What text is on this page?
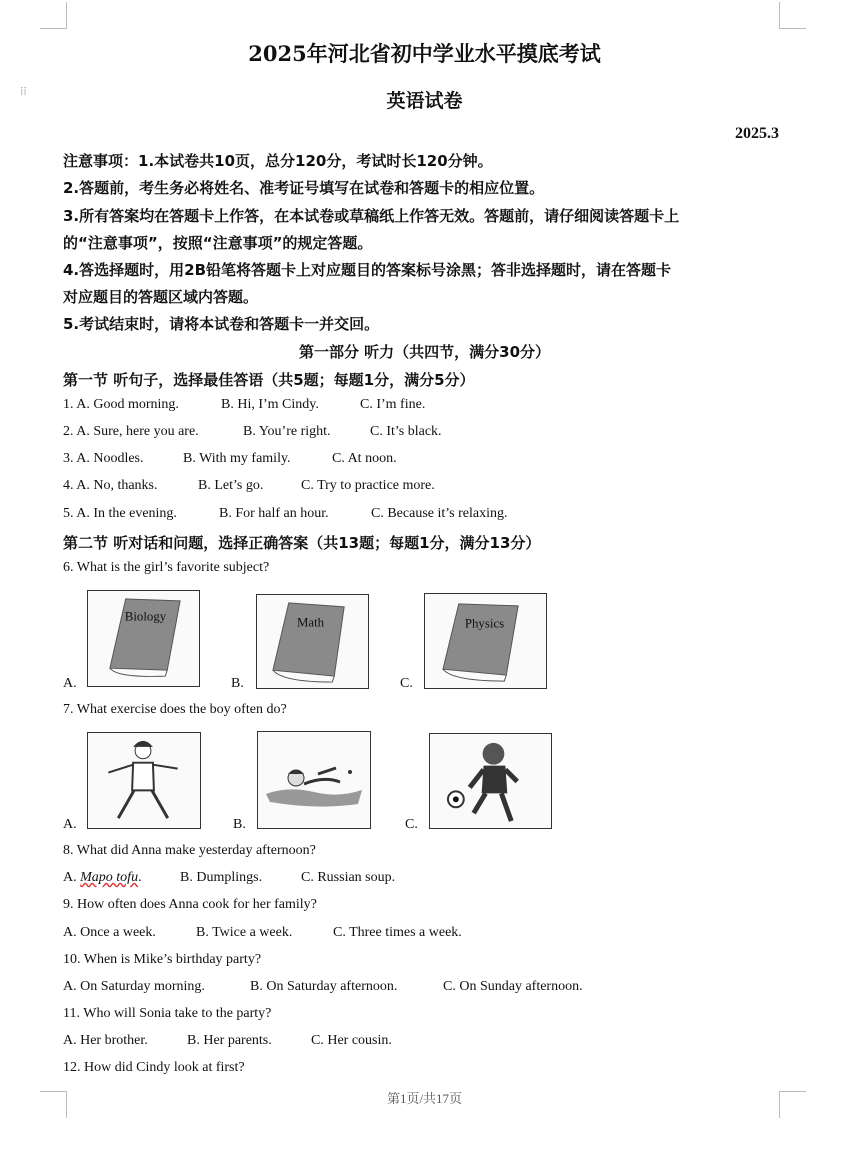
⁞⁞
2025年河北省初中学业水平摸底考试
英语试卷
2025.3
注意事项：1.本试卷共10页，总分120分，考试时长120分钟。
2.答题前，考生务必将姓名、准考证号填写在试卷和答题卡的相应位置。
3.所有答案均在答题卡上作答，在本试卷或草稿纸上作答无效。答题前，请仔细阅读答题卡上
的“注意事项”，按照“注意事项”的规定答题。
4.答选择题时，用2B铅笔将答题卡上对应题目的答案标号涂黑；答非选择题时，请在答题卡
对应题目的答题区域内答题。
5.考试结束时，请将本试卷和答题卡一并交回。
第一部分 听力（共四节，满分30分）
第一节 听句子，选择最佳答语（共5题；每题1分，满分5分）
1. A. Good morning.	B. Hi, I’m Cindy.	C. I’m fine.
2. A. Sure, here you are.	B. You’re right.	C. It’s black.
3. A. Noodles.	B. With my family.	C. At noon.
4. A. No, thanks.	B. Let’s go.	C. Try to practice more.
5. A. In the evening.	B. For half an hour.	C. Because it’s relaxing.
第二节 听对话和问题，选择正确答案（共13题；每题1分，满分13分）
6. What is the girl’s favorite subject?
Biology	Math	Physics
A.	B.	C.
7. What exercise does the boy often do?
A.	B.	C.
8. What did Anna make yesterday afternoon?
A. Mapo tofu.	B. Dumplings.	C. Russian soup.
9. How often does Anna cook for her family?
A. Once a week.	B. Twice a week.	C. Three times a week.
10. When is Mike’s birthday party?
A. On Saturday morning.	B. On Saturday afternoon.	C. On Sunday afternoon.
11. Who will Sonia take to the party?
A. Her brother.	B. Her parents.	C. Her cousin.
12. How did Cindy look at first?
第1页/共17页
